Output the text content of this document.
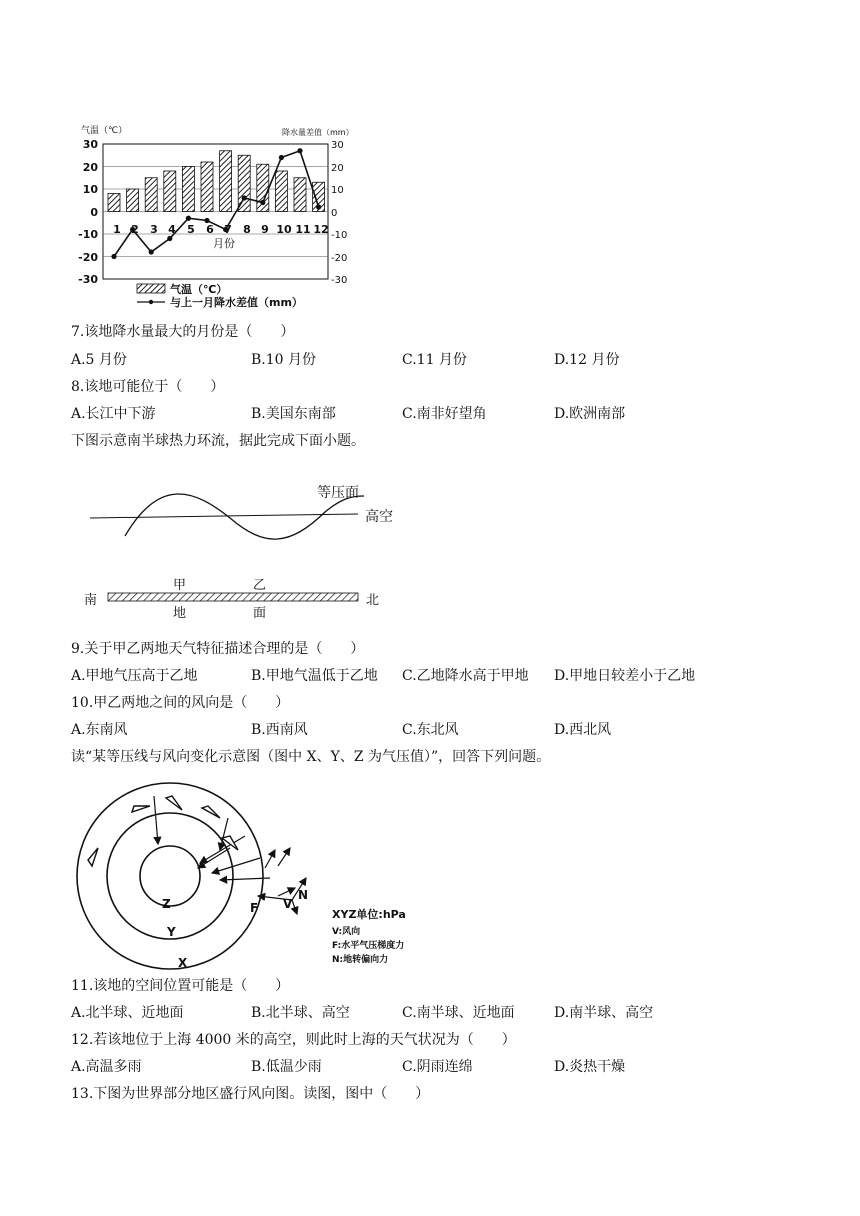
气温（℃）	降水量差值（mm）
30
20
10
0
-10
-20
-30
30
20
10
0
-10
-20
-30
1 2 3 4 5 6 7 8 9 10 11 12
月份
气温（℃）
与上一月降水差值（mm）
7.该地降水量最大的月份是（　　）
A.5 月份	B.10 月份	C.11 月份	D.12 月份
8.该地可能位于（　　）
A.长江中下游	B.美国东南部	C.南非好望角	D.欧洲南部
下图示意南半球热力环流，据此完成下面小题。
等压面
高空
甲	乙
南	北
地	面
9.关于甲乙两地天气特征描述合理的是（　　）
A.甲地气压高于乙地	B.甲地气温低于乙地 C.乙地降水高于甲地 D.甲地日较差小于乙地
10.甲乙两地之间的风向是（　　）
A.东南风	B.西南风	C.东北风	D.西北风
读“某等压线与风向变化示意图（图中 X、Y、Z 为气压值）”，回答下列问题。
Z
Y
X
F V
N
XYZ单位:hPa
V:风向
F:水平气压梯度力
N:地转偏向力
11.该地的空间位置可能是（　　）
A.北半球、近地面	B.北半球、高空	C.南半球、近地面	D.南半球、高空
12.若该地位于上海 4000 米的高空，则此时上海的天气状况为（　　）
A.高温多雨	B.低温少雨	C.阴雨连绵	D.炎热干燥
13.下图为世界部分地区盛行风向图。读图，图中（　　）
